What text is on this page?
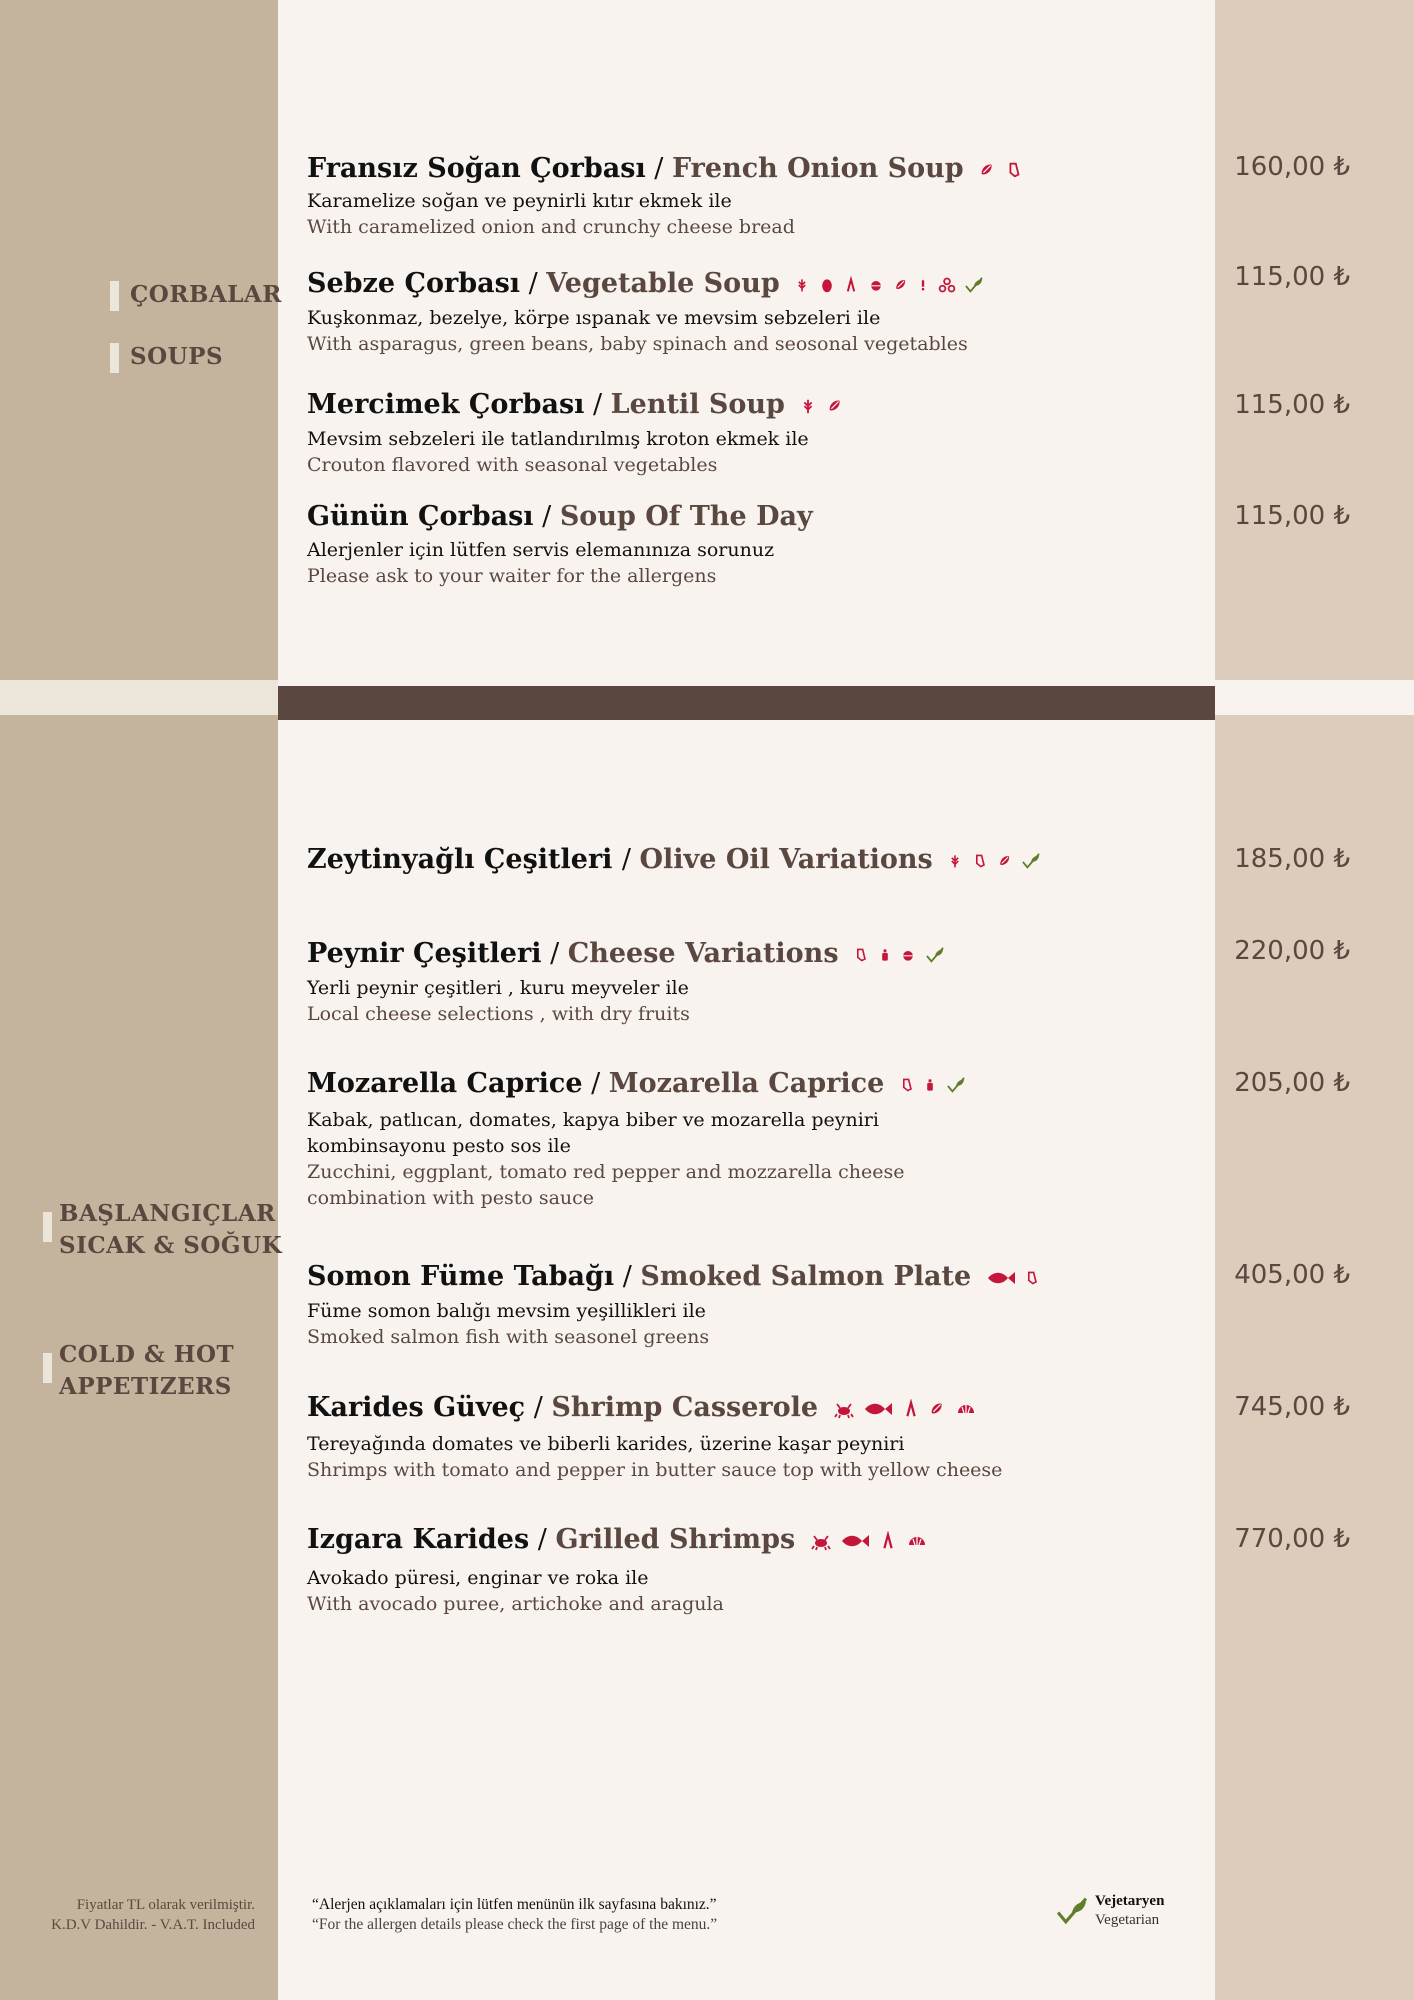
ÇORBALAR
SOUPS
BAŞLANGIÇLAR
SICAK & SOĞUK
COLD & HOT
APPETIZERS
Fransız Soğan Çorbası / French Onion Soup
Karamelize soğan ve peynirli kıtır ekmek ile
With caramelized onion and crunchy cheese bread
160,00 ₺
Sebze Çorbası / Vegetable Soup
Kuşkonmaz, bezelye, körpe ıspanak ve mevsim sebzeleri ile
With asparagus, green beans, baby spinach and seosonal vegetables
115,00 ₺
Mercimek Çorbası / Lentil Soup
Mevsim sebzeleri ile tatlandırılmış kroton ekmek ile
Crouton flavored with seasonal vegetables
115,00 ₺
Günün Çorbası / Soup Of The Day
Alerjenler için lütfen servis elemanınıza sorunuz
Please ask to your waiter for the allergens
115,00 ₺
Zeytinyağlı Çeşitleri / Olive Oil Variations	185,00 ₺
Peynir Çeşitleri / Cheese Variations
Yerli peynir çeşitleri , kuru meyveler ile
Local cheese selections , with dry fruits
220,00 ₺
Mozarella Caprice / Mozarella Caprice
Kabak, patlıcan, domates, kapya biber ve mozarella peyniri
kombinsayonu pesto sos ile
Zucchini, eggplant, tomato red pepper and mozzarella cheese
combination with pesto sauce
205,00 ₺
Somon Füme Tabağı / Smoked Salmon Plate
Füme somon balığı mevsim yeşillikleri ile
Smoked salmon fish with seasonel greens
405,00 ₺
Karides Güveç / Shrimp Casserole
Tereyağında domates ve biberli karides, üzerine kaşar peyniri
Shrimps with tomato and pepper in butter sauce top with yellow cheese
745,00 ₺
Izgara Karides / Grilled Shrimps
Avokado püresi, enginar ve roka ile
With avocado puree, artichoke and aragula
770,00 ₺
Fiyatlar TL olarak verilmiştir.
K.D.V Dahildir. - V.A.T. Included
“Alerjen açıklamaları için lütfen menünün ilk sayfasına bakınız.”
“For the allergen details please check the first page of the menu.”
Vejetaryen
Vegetarian
